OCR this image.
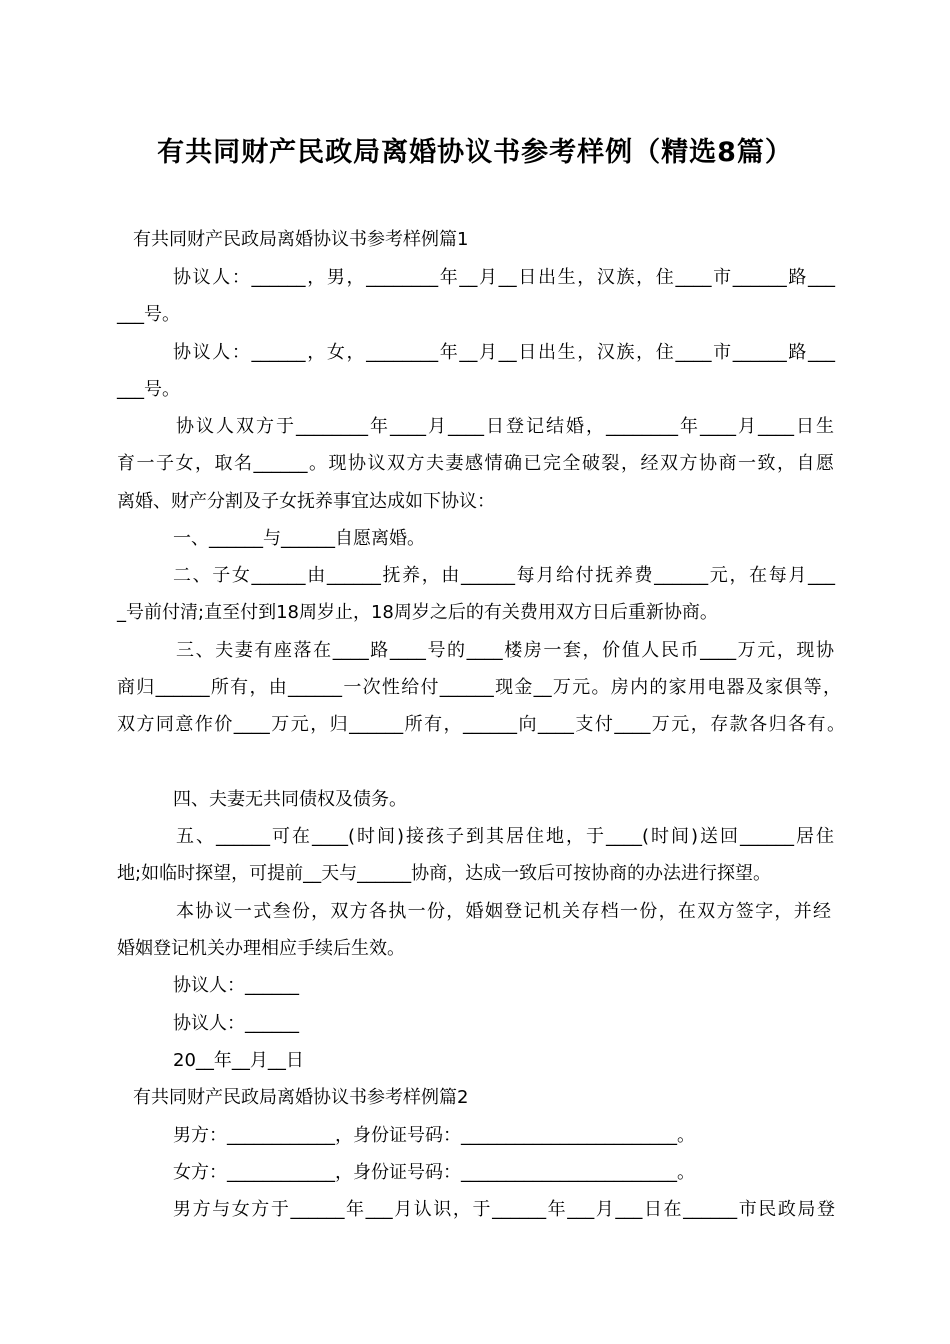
有共同财产民政局离婚协议书参考样例（精选8篇）
有共同财产民政局离婚协议书参考样例篇1
协议人：______，男，________年__月__日出生，汉族，住____市______路___
___号。
协议人：______，女，________年__月__日出生，汉族，住____市______路___
___号。
协议人双方于________年____月____日登记结婚，________年____月____日生
育一子女，取名______。现协议双方夫妻感情确已完全破裂，经双方协商一致，自愿
离婚、财产分割及子女抚养事宜达成如下协议：
一、______与______自愿离婚。
二、子女______由______抚养，由______每月给付抚养费______元，在每月___
_号前付清;直至付到18周岁止，18周岁之后的有关费用双方日后重新协商。
三、夫妻有座落在____路____号的____楼房一套，价值人民币____万元，现协
商归______所有，由______一次性给付______现金__万元。房内的家用电器及家俱等，
双方同意作价____万元，归______所有，______向____支付____万元，存款各归各有。
四、夫妻无共同债权及债务。
五、______可在____(时间)接孩子到其居住地，于____(时间)送回______居住
地;如临时探望，可提前__天与______协商，达成一致后可按协商的办法进行探望。
本协议一式叁份，双方各执一份，婚姻登记机关存档一份，在双方签字，并经
婚姻登记机关办理相应手续后生效。
协议人：______
协议人：______
20__年__月__日
有共同财产民政局离婚协议书参考样例篇2
男方：____________，身份证号码：________________________。
女方：____________，身份证号码：________________________。
男方与女方于______年___月认识，于______年___月___日在______市民政局登
